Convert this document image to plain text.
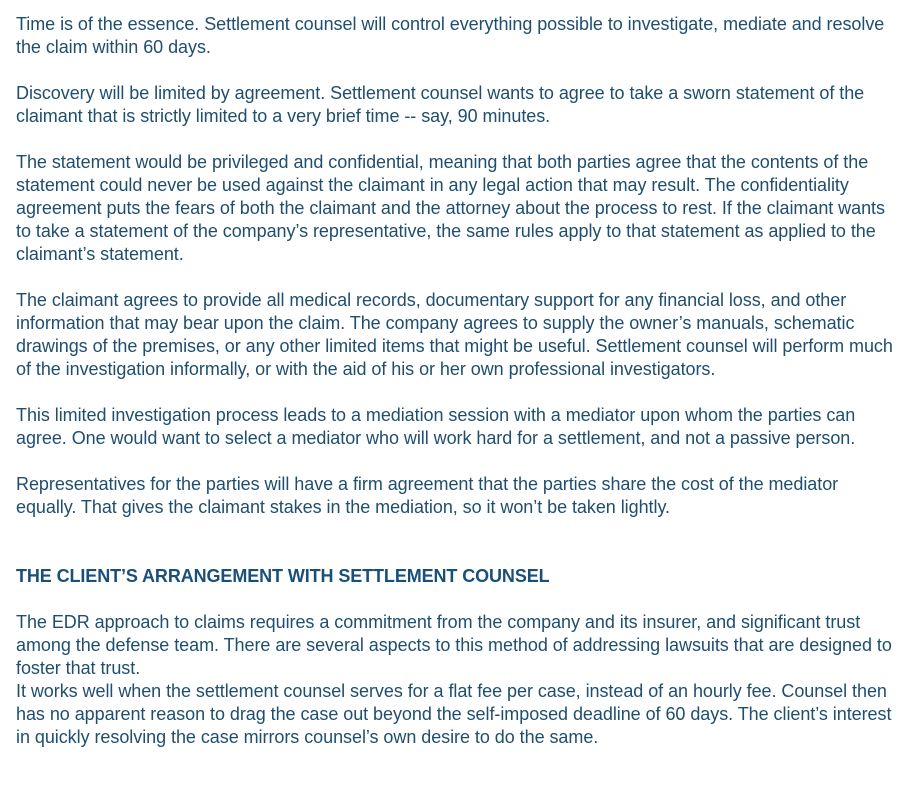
Time is of the essence. Settlement counsel will control everything possible to investigate, mediate and resolve the claim within 60 days.

Discovery will be limited by agreement. Settlement counsel wants to agree to take a sworn statement of the claimant that is strictly limited to a very brief time -- say, 90 minutes.

The statement would be privileged and confidential, meaning that both parties agree that the contents of the statement could never be used against the claimant in any legal action that may result. The confidentiality agreement puts the fears of both the claimant and the attorney about the process to rest. If the claimant wants to take a statement of the company’s representative, the same rules apply to that statement as applied to the claimant’s statement.

The claimant agrees to provide all medical records, documentary support for any financial loss, and other information that may bear upon the claim. The company agrees to supply the owner’s manuals, schematic drawings of the premises, or any other limited items that might be useful. Settlement counsel will perform much of the investigation informally, or with the aid of his or her own professional investigators.

This limited investigation process leads to a mediation session with a mediator upon whom the parties can agree. One would want to select a mediator who will work hard for a settlement, and not a passive person.

Representatives for the parties will have a firm agreement that the parties share the cost of the mediator equally. That gives the claimant stakes in the mediation, so it won’t be taken lightly.

THE CLIENT’S ARRANGEMENT WITH SETTLEMENT COUNSEL

The EDR approach to claims requires a commitment from the company and its insurer, and significant trust among the defense team. There are several aspects to this method of addressing lawsuits that are designed to foster that trust.

It works well when the settlement counsel serves for a flat fee per case, instead of an hourly fee. Counsel then has no apparent reason to drag the case out beyond the self-imposed deadline of 60 days. The client’s interest in quickly resolving the case mirrors counsel’s own desire to do the same.
